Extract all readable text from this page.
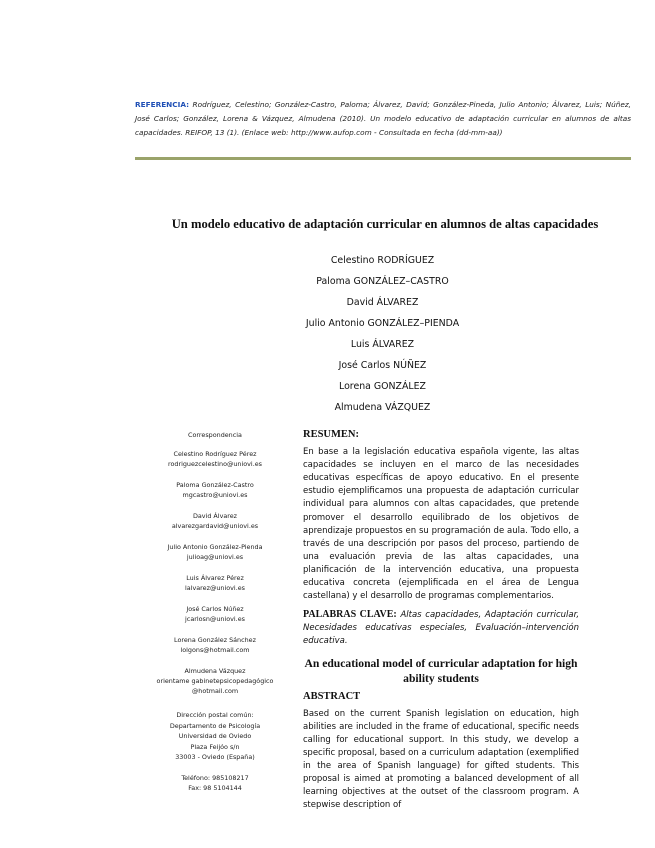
REFERENCIA: Rodríguez, Celestino; González-Castro, Paloma; Álvarez, David; González-Pineda, Julio Antonio; Álvarez, Luis; Núñez, José Carlos; González, Lorena & Vázquez, Almudena (2010). Un modelo educativo de adaptación curricular en alumnos de altas capacidades. REIFOP, 13 (1). (Enlace web: http://www.aufop.com - Consultada en fecha (dd-mm-aa))
Un modelo educativo de adaptación curricular en alumnos de altas capacidades
Celestino RODRÍGUEZ
Paloma GONZÁLEZ–CASTRO
David ÁLVAREZ
Julio Antonio GONZÁLEZ–PIENDA
Luis ÁLVAREZ
José Carlos NÚÑEZ
Lorena GONZÁLEZ
Almudena VÁZQUEZ
Correspondencia
Celestino Rodríguez Pérez
rodriguezcelestino@uniovi.es
Paloma González-Castro
mgcastro@uniovi.es
David Álvarez
alvarezgardavid@uniovi.es
Julio Antonio González-Pienda
julioag@uniovi.es
Luis Álvarez Pérez
lalvarez@uniovi.es
José Carlos Núñez
jcarlosn@uniovi.es
Lorena González Sánchez
lolgons@hotmail.com
Almudena Vázquez
orientame gabinetepsicopedagógico @hotmail.com
Dirección postal común:
Departamento de Psicología
Universidad de Oviedo
Plaza Feijóo s/n
33003 - Oviedo (España)
Teléfono: 985108217
Fax: 98 5104144
RESUMEN:

En base a la legislación educativa española vigente, las altas capacidades se incluyen en el marco de las necesidades educativas específicas de apoyo educativo. En el presente estudio ejemplificamos una propuesta de adaptación curricular individual para alumnos con altas capacidades, que pretende promover el desarrollo equilibrado de los objetivos de aprendizaje propuestos en su programación de aula. Todo ello, a través de una descripción por pasos del proceso, partiendo de una evaluación previa de las altas capacidades, una planificación de la intervención educativa, una propuesta educativa concreta (ejemplificada en el área de Lengua castellana) y el desarrollo de programas complementarios.

PALABRAS CLAVE: Altas capacidades, Adaptación curricular, Necesidades educativas especiales, Evaluación–intervención educativa.

An educational model of curricular adaptation for high ability students
ABSTRACT

Based on the current Spanish legislation on education, high abilities are included in the frame of educational, specific needs calling for educational support. In this study, we develop a specific proposal, based on a curriculum adaptation (exemplified in the area of Spanish language) for gifted students. This proposal is aimed at promoting a balanced development of all learning objectives at the outset of the classroom program. A stepwise description of
